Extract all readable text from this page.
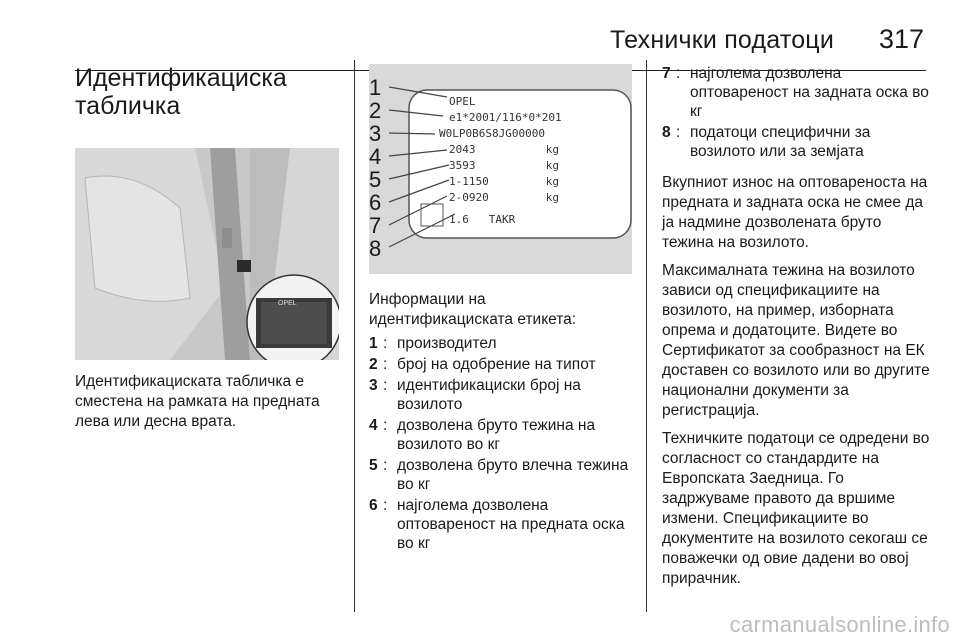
Технички податоци 317
Идентификациска
табличка
OPEL
Идентификациската табличка е сместена на рамката на предната лева или десна врата.
1
2
3
4
5
6
7
8
OPEL
e1*2001/116*0*201
W0LP0B6S8JG00000
2043	kg
3593	kg
1-1150	kg
2-0920	kg
1.6   TAKR
Информации на идентификациската етикета:
1 : производител
2 : број на одобрение на типот
3 : идентификациски број на возилото
4 : дозволена бруто тежина на возилото во кг
5 : дозволена бруто влечна тежина во кг
6 : најголема дозволена оптовареност на предната оска во кг
7 : најголема дозволена оптовареност на задната оска во кг
8 : податоци специфични за возилото или за земјата

Вкупниот износ на оптовареноста на предната и задната оска не смее да ја надмине дозволената бруто тежина на возилото.

Максималната тежина на возилото зависи од спецификациите на возилото, на пример, изборната опрема и додатоците. Видете во Сертификатот за сообразност на ЕК доставен со возилото или во другите национални документи за регистрација.

Техничките податоци се одредени во согласност со стандардите на Европската Заедница. Го задржуваме правото да вршиме измени. Спецификациите во документите на возилото секогаш се поважечки од овие дадени во овој прирачник.

carmanualsonline.info
